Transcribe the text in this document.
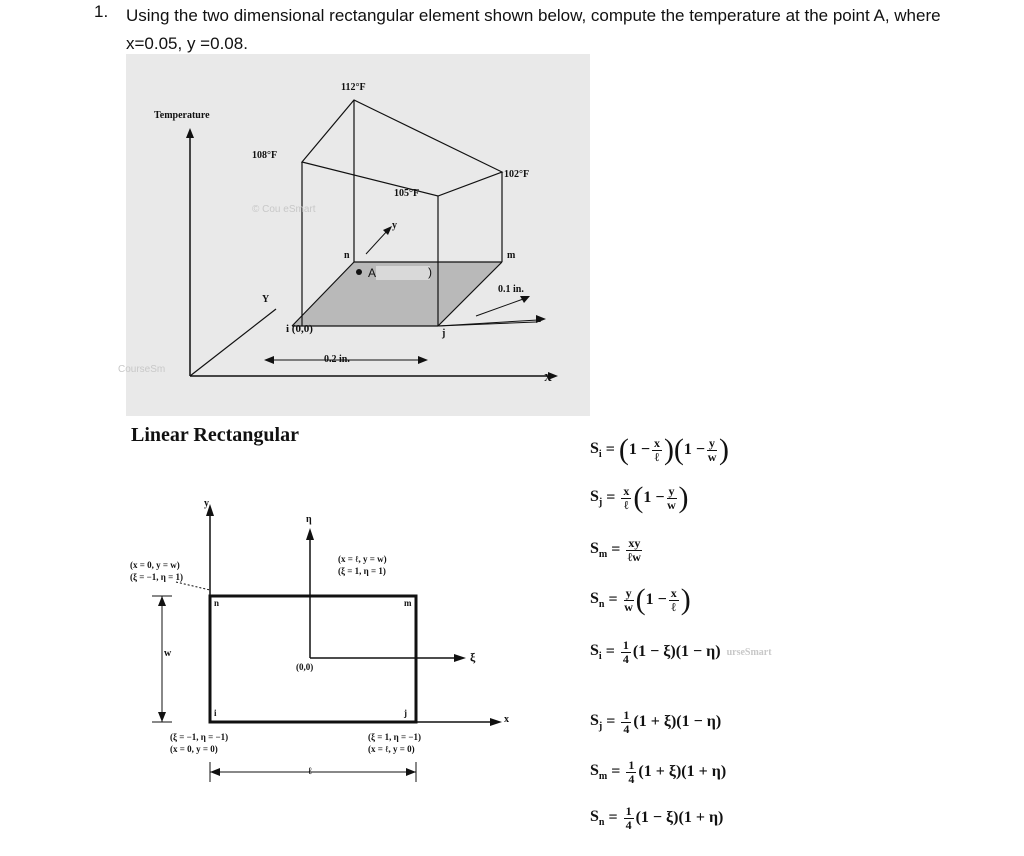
1. Using the two dimensional rectangular element shown below, compute the temperature at the point A, where x=0.05, y =0.08.
Temperature
112°F
108°F
105°F
102°F
n	m
i (0,0)	j
y
x
Y
X
A	)
0.2 in.
0.1 in.
© Cou eSmart
CourseSm
Linear Rectangular
y
η
ξ
x
w
ℓ
n	m
i	j
(0,0)
(x = 0, y = w)
(ξ = −1, η = 1)
(x = ℓ, y = w)
(ξ = 1, η = 1)
(ξ = −1, η = −1)
(x = 0, y = 0)
(ξ = 1, η = −1)
(x = ℓ, y = 0)
$S_i$
=
( $1 - \frac{x}{\text{ℓ}}$ )( $1 - \frac{y}{w}$ )
$S_j$
=
$\frac{x}{\text{ℓ}}$ ( $1 - \frac{y}{w}$ )
$S_m$
=
$\frac{xy}{\text{ℓw}}$
$S_n$
=
$\frac{y}{w}$ ( $1 - \frac{x}{\text{ℓ}}$ )
$S_i$
=
$\frac{1}{4} (1 - \xi)(1 - \eta)$ urseSmart
$S_j$
=
$\frac{1}{4} (1 + \xi)(1 - \eta)$
$S_m$
=
$\frac{1}{4} (1 + \xi)(1 + \eta)$
$S_n$
=
$\frac{1}{4} (1 - \xi)(1 + \eta)$
